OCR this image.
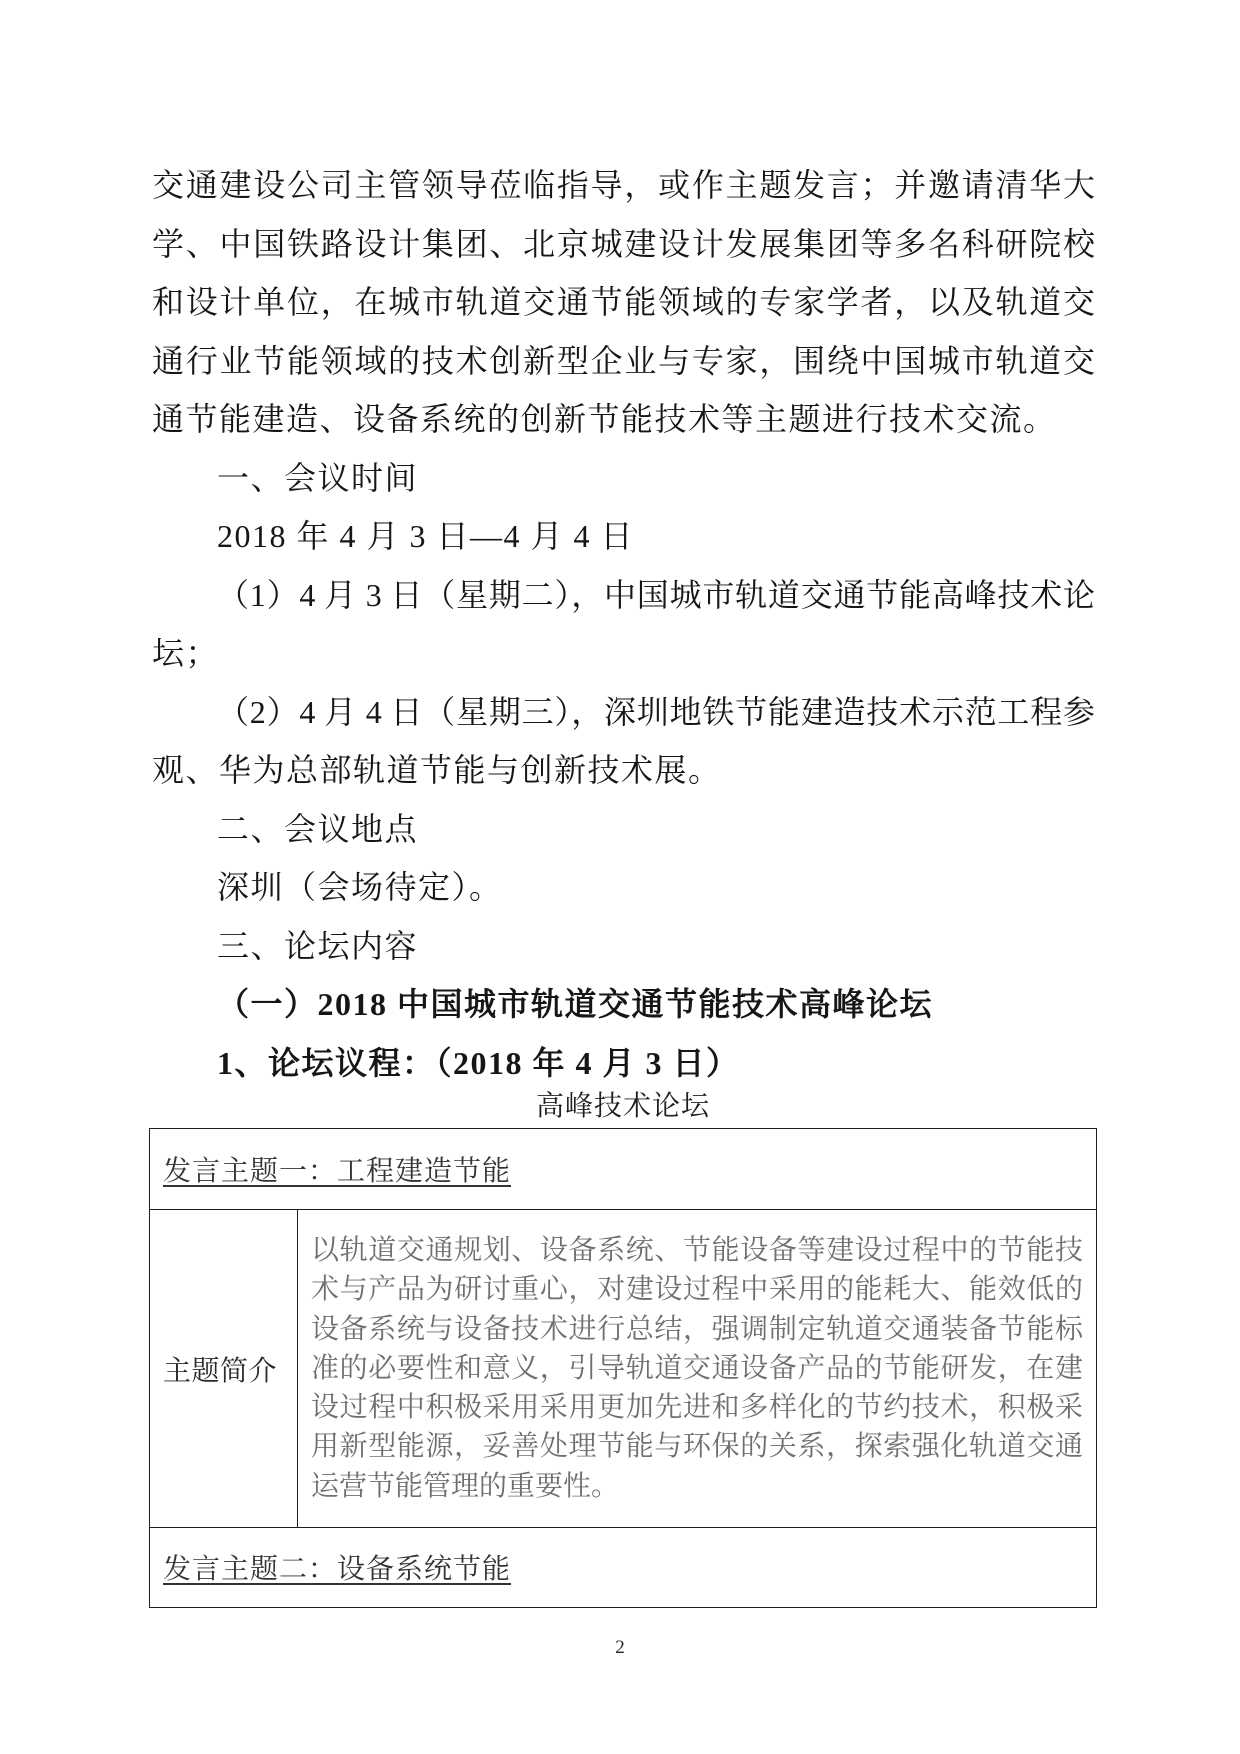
交通建设公司主管领导莅临指导，或作主题发言；并邀请清华大
学、中国铁路设计集团、北京城建设计发展集团等多名科研院校
和设计单位，在城市轨道交通节能领域的专家学者，以及轨道交
通行业节能领域的技术创新型企业与专家，围绕中国城市轨道交
通节能建造、设备系统的创新节能技术等主题进行技术交流。
一、会议时间
2018 年 4 月 3 日—4 月 4 日
（1）4 月 3 日（星期二），中国城市轨道交通节能高峰技术论
坛；
（2）4 月 4 日（星期三），深圳地铁节能建造技术示范工程参
观、华为总部轨道节能与创新技术展。
二、会议地点
深圳（会场待定）。
三、论坛内容
（一）2018 中国城市轨道交通节能技术高峰论坛
1、论坛议程：（2018 年 4 月 3 日）
高峰技术论坛
发言主题一：工程建造节能
主题简介
以轨道交通规划、设备系统、节能设备等建设过程中的节能技
术与产品为研讨重心，对建设过程中采用的能耗大、能效低的
设备系统与设备技术进行总结，强调制定轨道交通装备节能标
准的必要性和意义，引导轨道交通设备产品的节能研发，在建
设过程中积极采用采用更加先进和多样化的节约技术，积极采
用新型能源，妥善处理节能与环保的关系，探索强化轨道交通
运营节能管理的重要性。
发言主题二：设备系统节能
2
